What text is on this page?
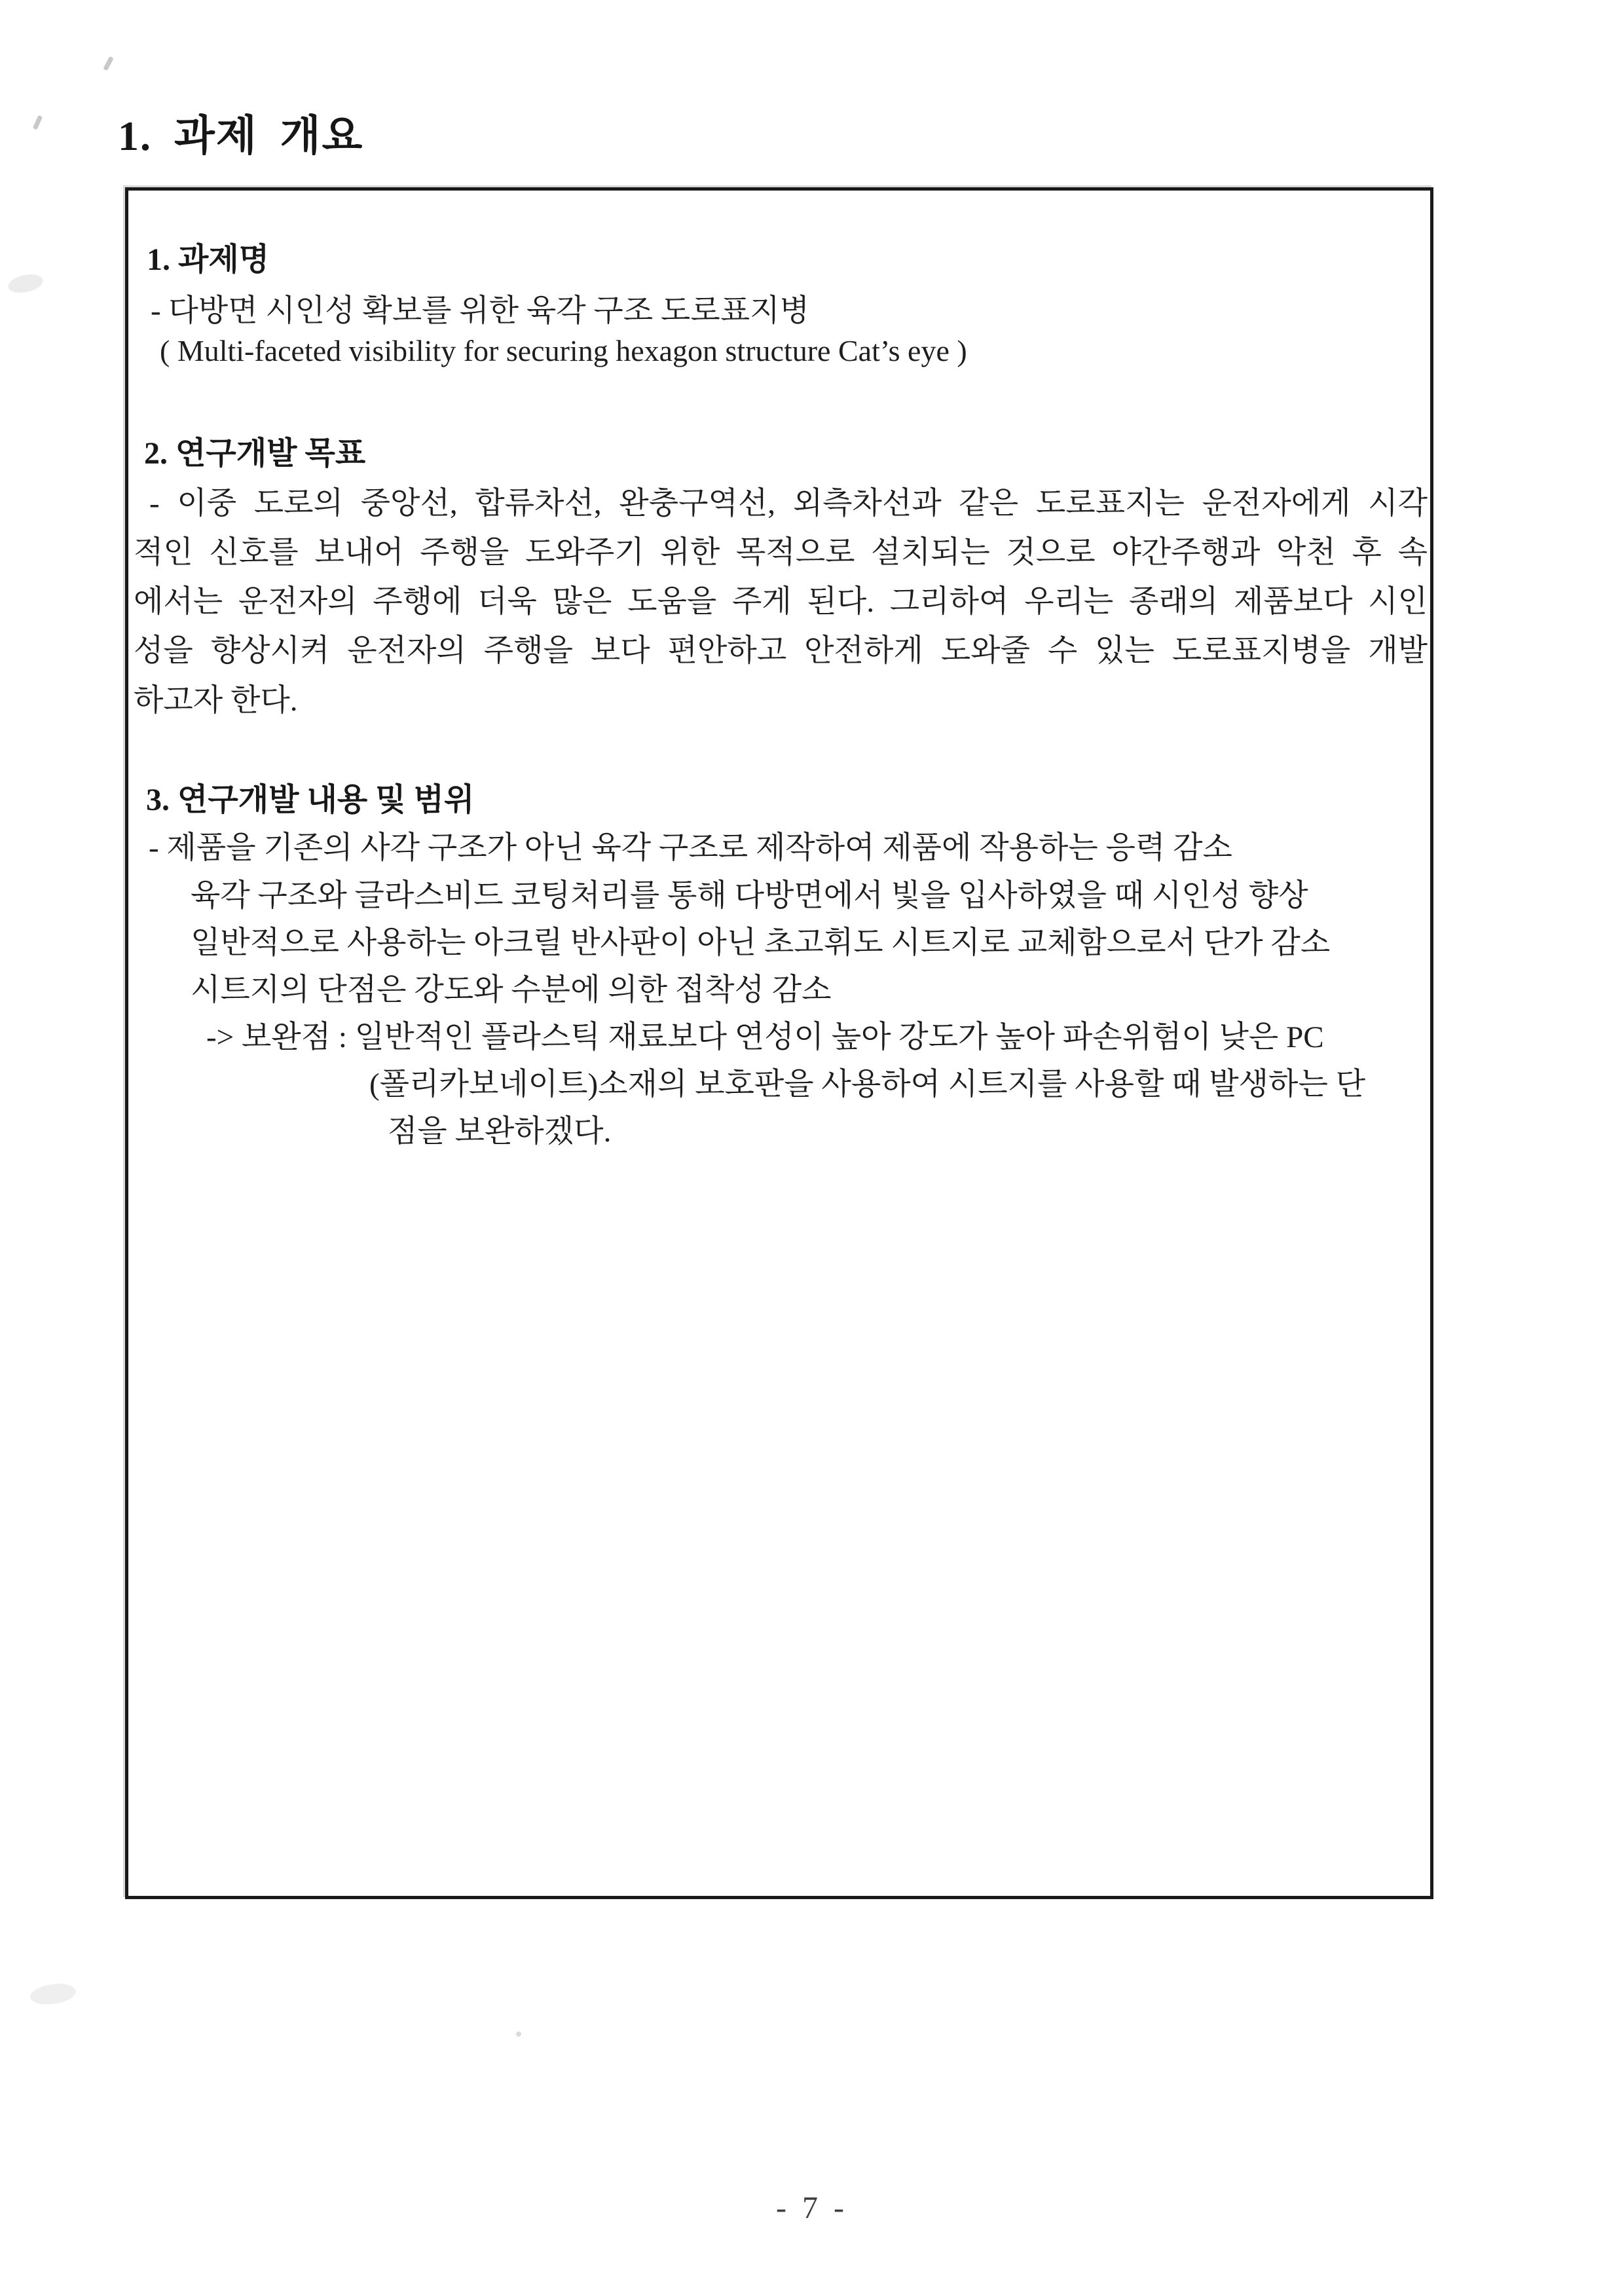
1. 과제 개요
1. 과제명
- 다방면 시인성 확보를 위한 육각 구조 도로표지병
( Multi-faceted visibility for securing hexagon structure Cat’s eye )
2. 연구개발 목표
- 이중 도로의 중앙선, 합류차선, 완충구역선, 외측차선과 같은 도로표지는 운전자에게 시각
적인 신호를 보내어 주행을 도와주기 위한 목적으로 설치되는 것으로 야간주행과 악천 후 속
에서는 운전자의 주행에 더욱 많은 도움을 주게 된다. 그리하여 우리는 종래의 제품보다 시인
성을 향상시켜 운전자의 주행을 보다 편안하고 안전하게 도와줄 수 있는 도로표지병을 개발
하고자 한다.
3. 연구개발 내용 및 범위
- 제품을 기존의 사각 구조가 아닌 육각 구조로 제작하여 제품에 작용하는 응력 감소
육각 구조와 글라스비드 코팅처리를 통해 다방면에서 빛을 입사하였을 때 시인성 향상
일반적으로 사용하는 아크릴 반사판이 아닌 초고휘도 시트지로 교체함으로서 단가 감소
시트지의 단점은 강도와 수분에 의한 접착성 감소
-> 보완점 : 일반적인 플라스틱 재료보다 연성이 높아 강도가 높아 파손위험이 낮은 PC
(폴리카보네이트)소재의 보호판을 사용하여 시트지를 사용할 때 발생하는 단
점을 보완하겠다.
- 7 -
